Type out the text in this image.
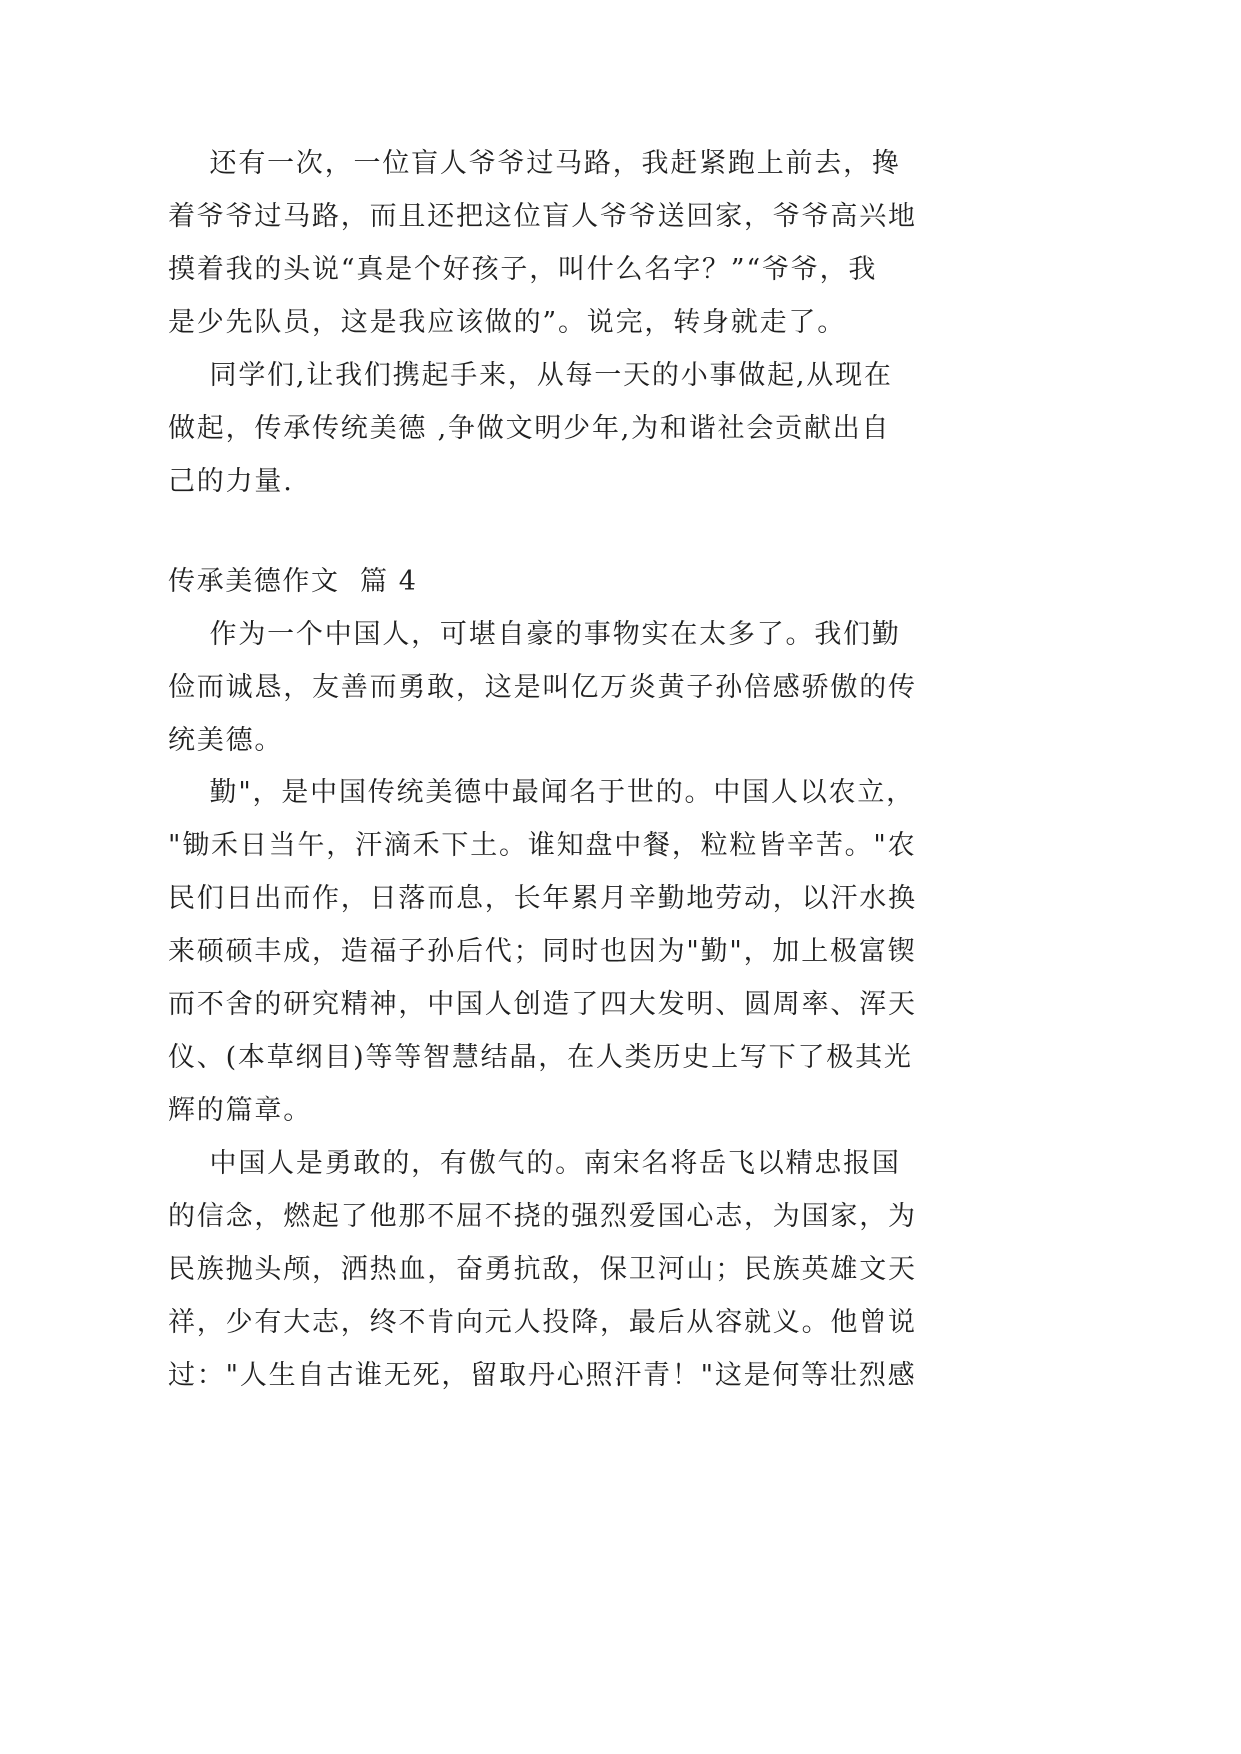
还有一次，一位盲人爷爷过马路，我赶紧跑上前去，搀
着爷爷过马路，而且还把这位盲人爷爷送回家，爷爷高兴地
摸着我的头说“真是个好孩子，叫什么名字？”“爷爷，我
是少先队员，这是我应该做的”。说完，转身就走了。
同学们,让我们携起手来，从每一天的小事做起,从现在
做起，传承传统美德 ,争做文明少年,为和谐社会贡献出自
己的力量.
传承美德作文  篇 4
作为一个中国人，可堪自豪的事物实在太多了。我们勤
俭而诚恳，友善而勇敢，这是叫亿万炎黄子孙倍感骄傲的传
统美德。
勤"，是中国传统美德中最闻名于世的。中国人以农立，
"锄禾日当午，汗滴禾下土。谁知盘中餐，粒粒皆辛苦。"农
民们日出而作，日落而息，长年累月辛勤地劳动，以汗水换
来硕硕丰成，造福子孙后代；同时也因为"勤"，加上极富锲
而不舍的研究精神，中国人创造了四大发明、圆周率、浑天
仪、(本草纲目)等等智慧结晶，在人类历史上写下了极其光
辉的篇章。
中国人是勇敢的，有傲气的。南宋名将岳飞以精忠报国
的信念，燃起了他那不屈不挠的强烈爱国心志，为国家，为
民族抛头颅，洒热血，奋勇抗敌，保卫河山；民族英雄文天
祥，少有大志，终不肯向元人投降，最后从容就义。他曾说
过："人生自古谁无死，留取丹心照汗青！"这是何等壮烈感
